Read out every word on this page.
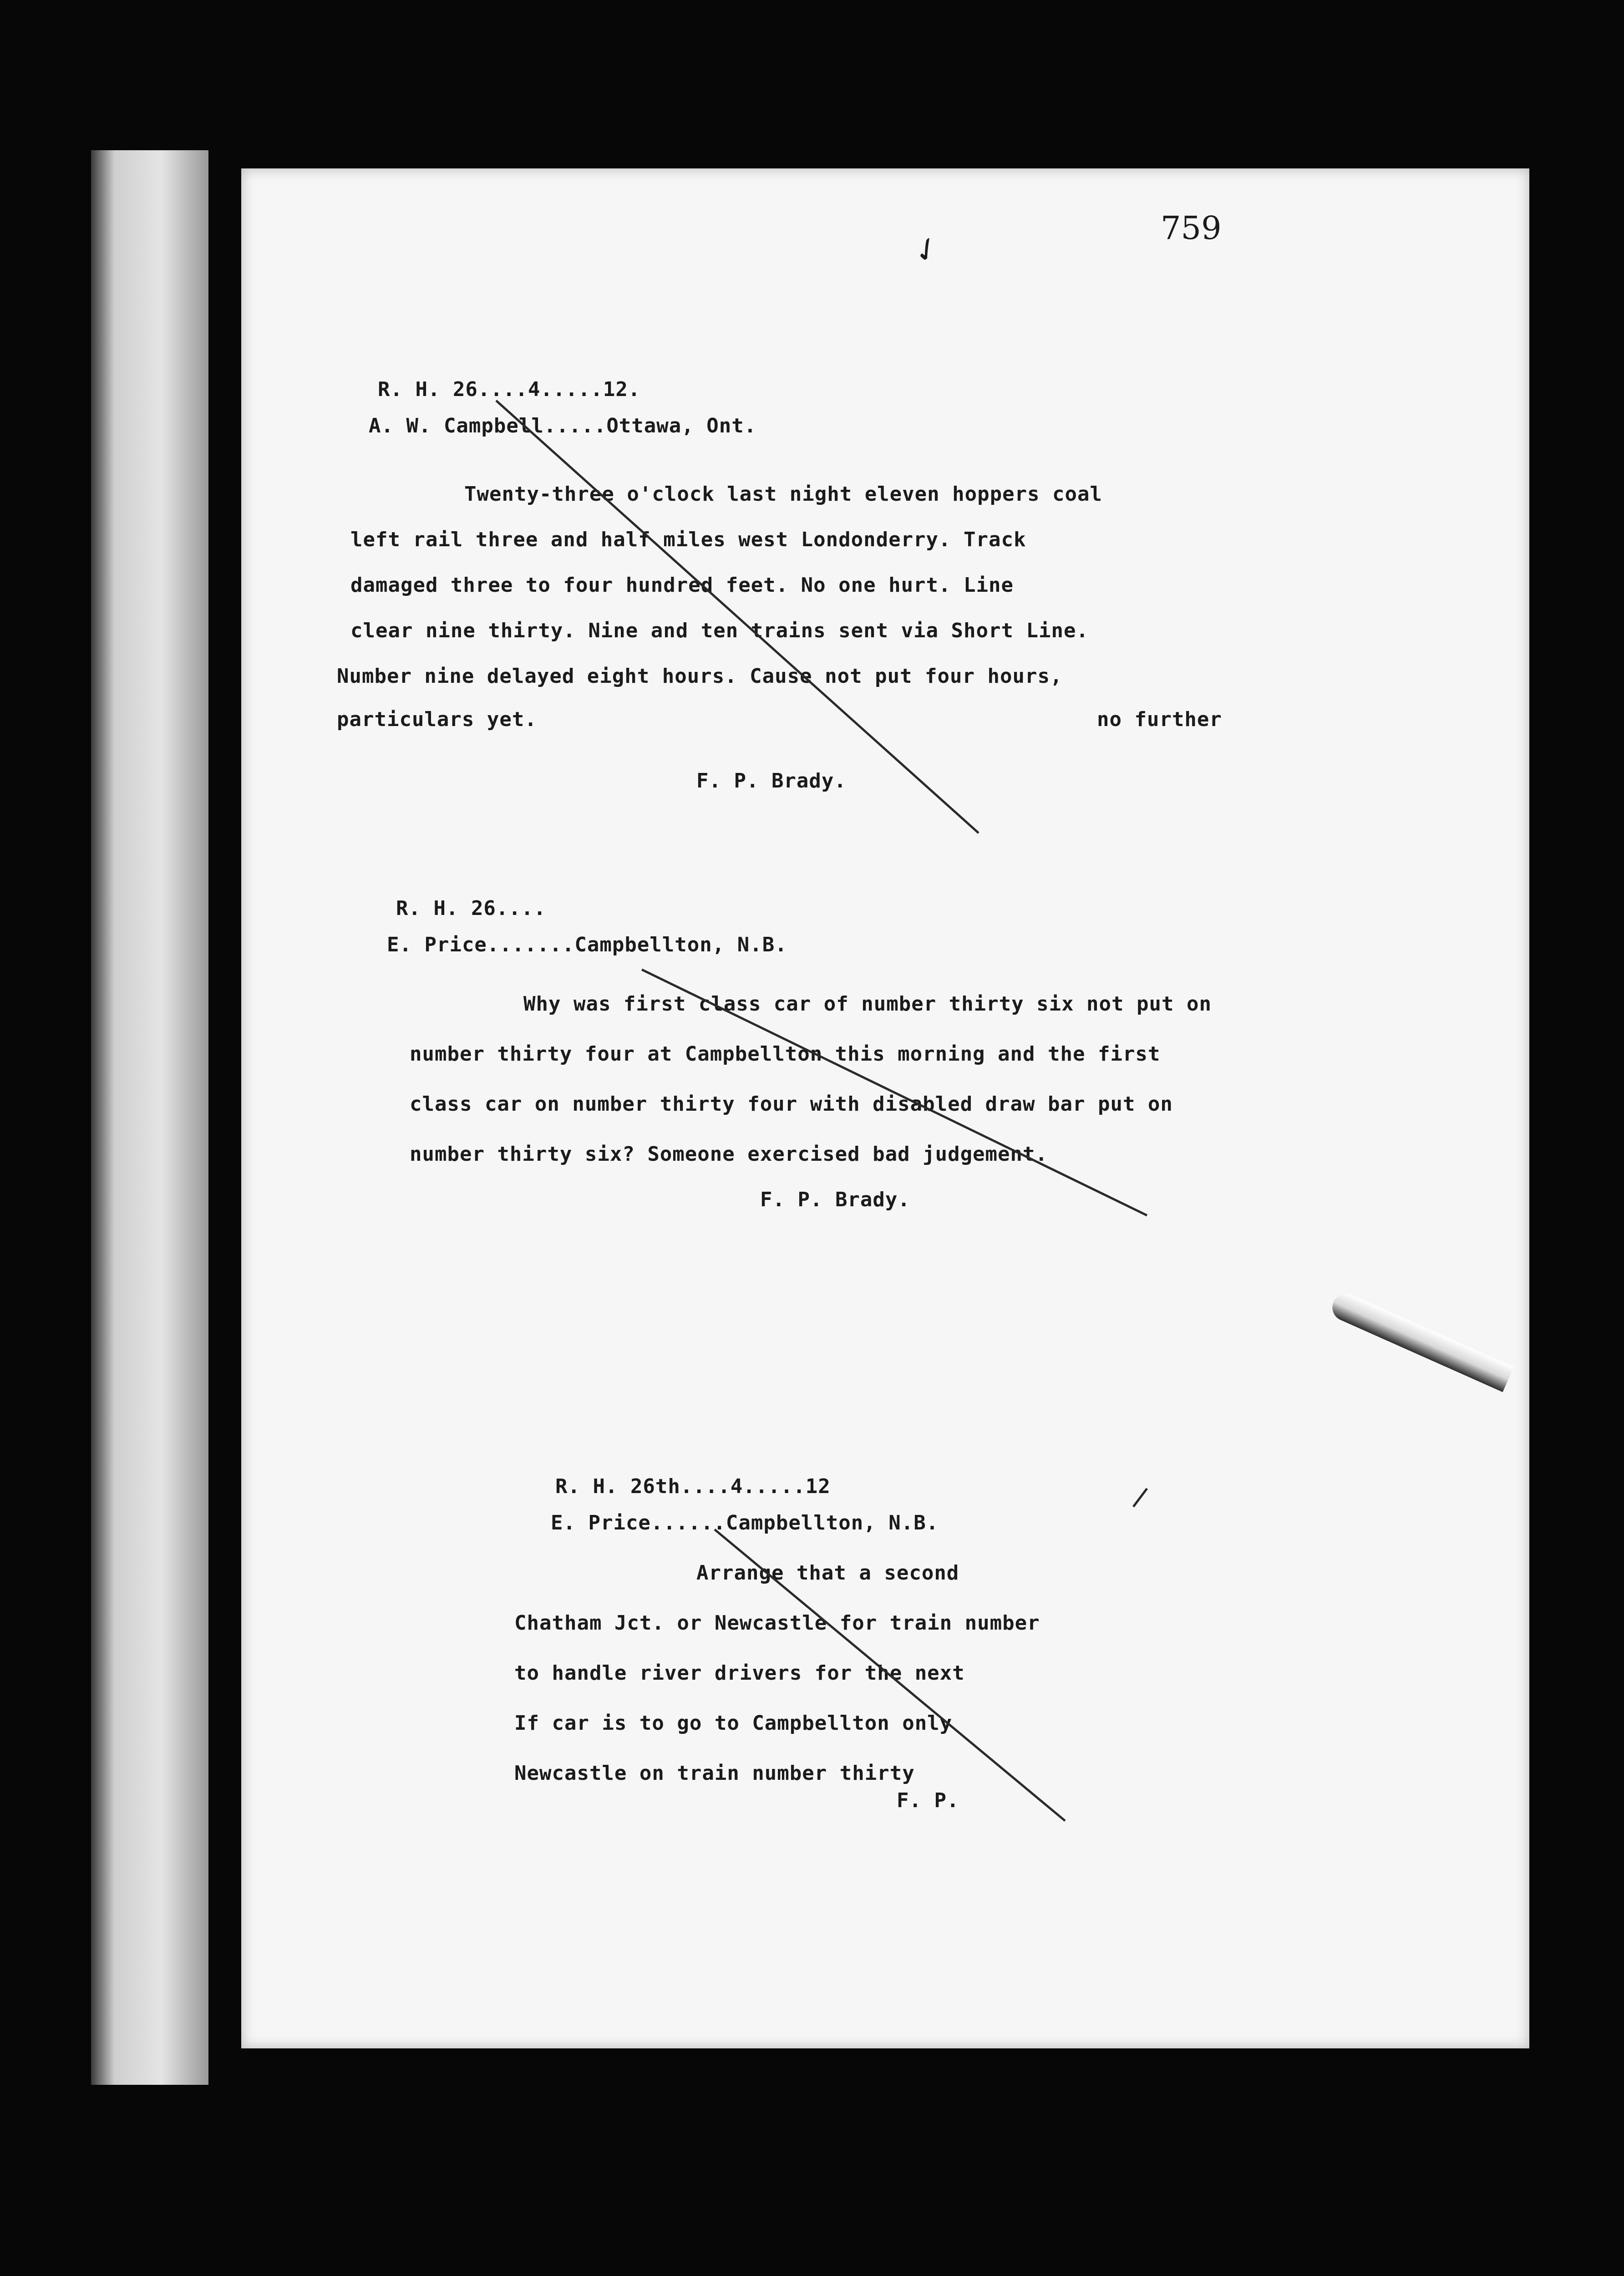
759
✓
R. H. 26....4.....12.
A. W. Campbell.....Ottawa, Ont.
Twenty-three o'clock last night eleven hoppers coal
left rail three and half miles west Londonderry. Track
damaged three to four hundred feet. No one hurt. Line
clear nine thirty. Nine and ten trains sent via Short Line.
Number nine delayed eight hours. Cause not put four hours,
no further
particulars yet.
F. P. Brady.
R. H. 26....
E. Price.......Campbellton, N.B.
Why was first class car of number thirty six not put on
number thirty four at Campbellton this morning and the first
class car on number thirty four with disabled draw bar put on
number thirty six? Someone exercised bad judgement.
F. P. Brady.
R. H. 26th....4.....12
E. Price......Campbellton, N.B.
Arrange that a second
Chatham Jct. or Newcastle for train number
to handle river drivers for the next
If car is to go to Campbellton only
Newcastle on train number thirty
F. P.
